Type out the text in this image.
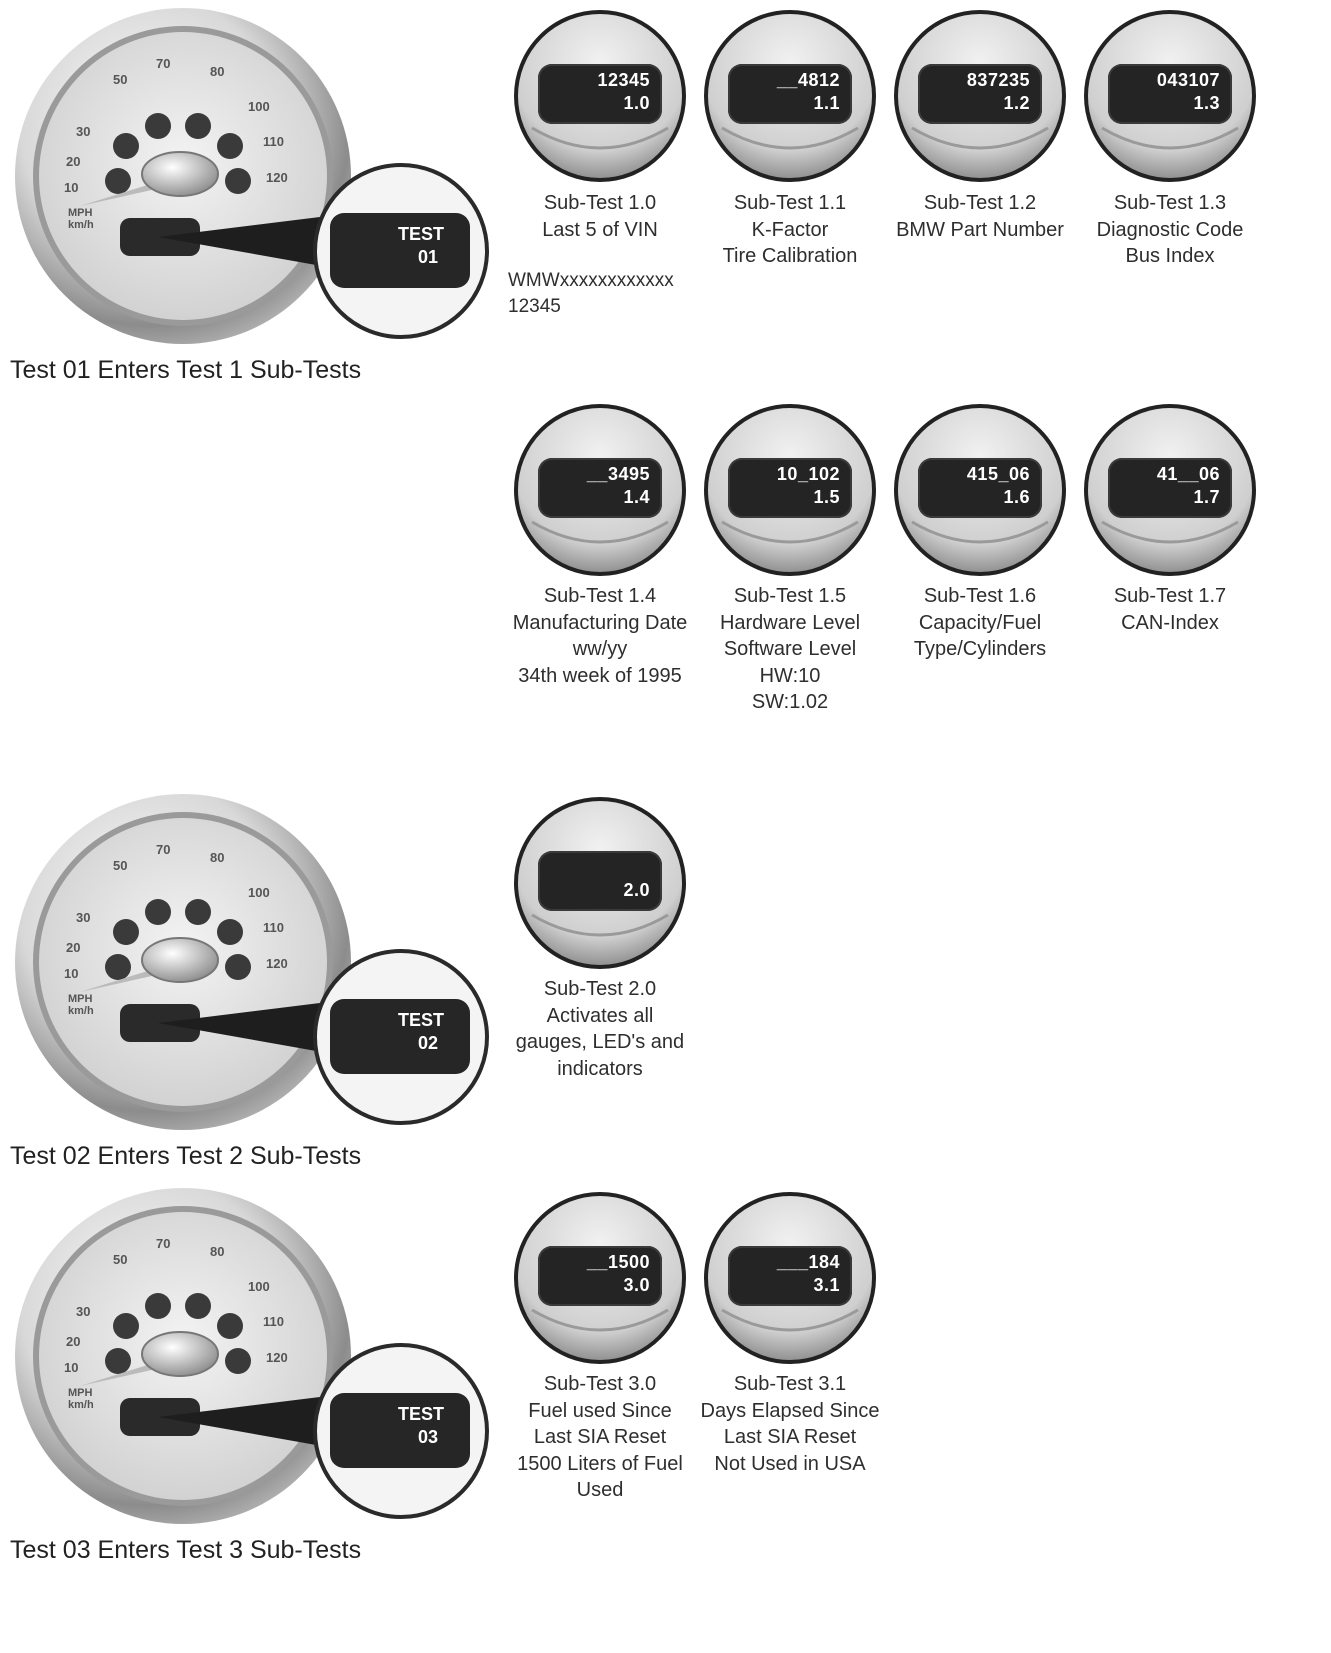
70
80
50
100
110
120
30
20
10
MPH
km/h	TEST
01
Test 01 Enters Test 1 Sub-Tests
70
80
50
100
110
120
30
20
10
MPH
km/h	TEST
02
Test 02 Enters Test 2 Sub-Tests
70
80
50
100
110
120
30
20
10
MPH
km/h	TEST
03
Test 03 Enters Test 3 Sub-Tests
12345
1.0
__4812
1.1
837235
1.2
043107
1.3
Sub-Test 1.0
Last 5 of VIN
WMWxxxxxxxxxxxx
12345
Sub-Test 1.1
K-Factor
Tire Calibration
Sub-Test 1.2
BMW Part Number
Sub-Test 1.3
Diagnostic Code
Bus Index
__3495
1.4
10_102
1.5
415_06
1.6
41__06
1.7
Sub-Test 1.4
Manufacturing Date
ww/yy
34th week of 1995
Sub-Test 1.5
Hardware Level
Software Level
HW:10
SW:1.02
Sub-Test 1.6
Capacity/Fuel
Type/Cylinders
Sub-Test 1.7
CAN-Index
2.0
Sub-Test 2.0
Activates all
gauges, LED's and
indicators
__1500
3.0
___184
3.1
Sub-Test 3.0
Fuel used Since
Last SIA Reset
1500 Liters of Fuel
Used
Sub-Test 3.1
Days Elapsed Since
Last SIA Reset
Not Used in USA
